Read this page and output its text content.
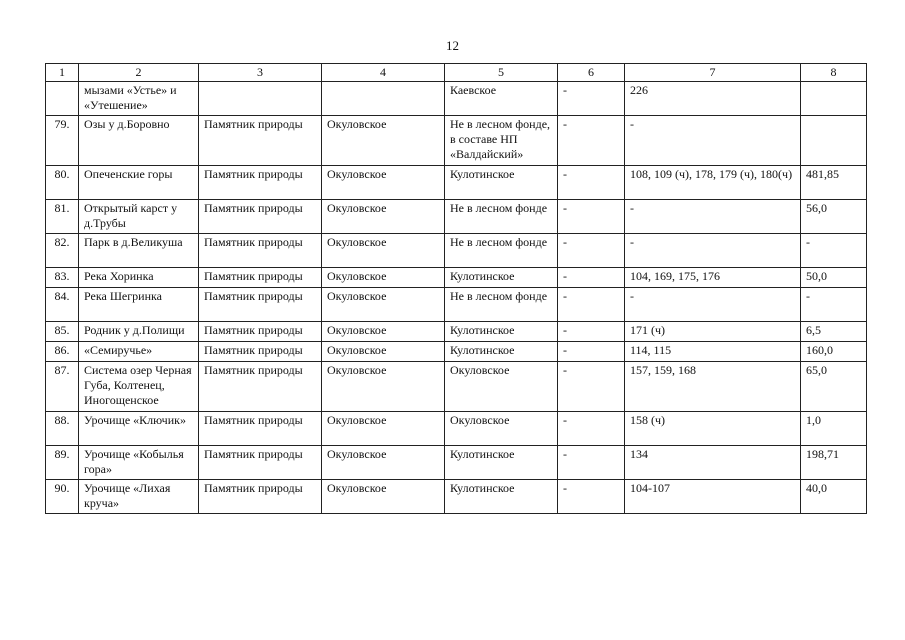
12
1	2	3	4	5	6	7	8
	мызами «Устье» и «Утешение»			Каевское	-	226	
79.	Озы у д.Боровно	Памятник природы	Окуловское	Не в лесном фонде, в составе НП «Валдайский»	-	-	
80.	Опеченские горы	Памятник природы	Окуловское	Кулотинское	-	108, 109 (ч), 178, 179 (ч), 180(ч)	481,85
81.	Открытый карст у д.Трубы	Памятник природы	Окуловское	Не в лесном фонде	-	-	56,0
82.	Парк в д.Великуша	Памятник природы	Окуловское	Не в лесном фонде	-	-	-
83.	Река Хоринка	Памятник природы	Окуловское	Кулотинское	-	104, 169, 175, 176	50,0
84.	Река Шегринка	Памятник природы	Окуловское	Не в лесном фонде	-	-	-
85.	Родник у д.Полищи	Памятник природы	Окуловское	Кулотинское	-	171 (ч)	6,5
86.	«Семиручье»	Памятник природы	Окуловское	Кулотинское	-	114, 115	160,0
87.	Система озер Черная Губа, Колтенец, Иногощенское	Памятник природы	Окуловское	Окуловское	-	157, 159, 168	65,0
88.	Урочище «Ключик»	Памятник природы	Окуловское	Окуловское	-	158 (ч)	1,0
89.	Урочище «Кобылья гора»	Памятник природы	Окуловское	Кулотинское	-	134	198,71
90.	Урочище «Лихая круча»	Памятник природы	Окуловское	Кулотинское	-	104-107	40,0
